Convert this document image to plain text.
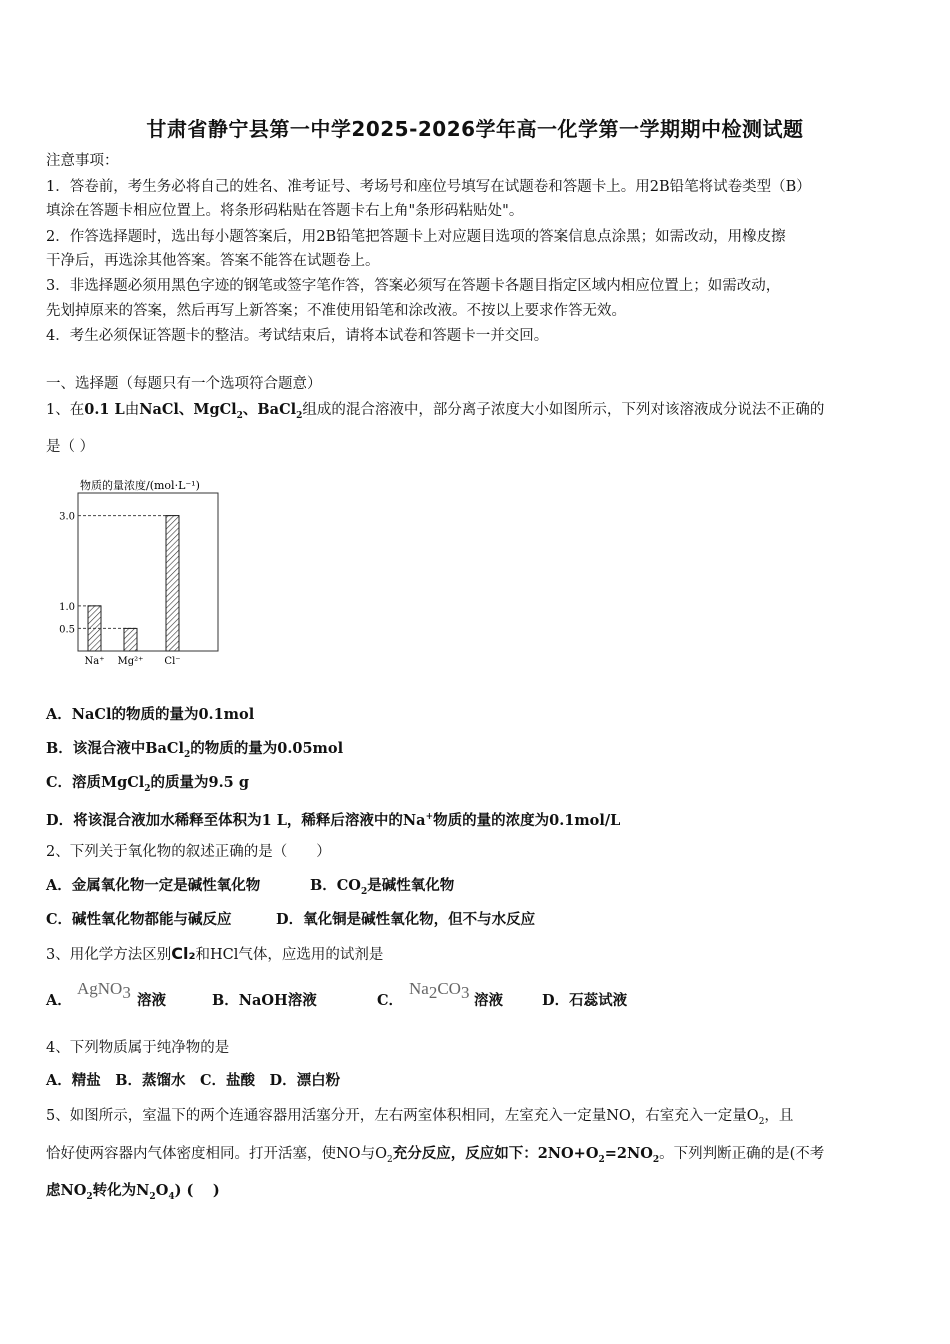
甘肃省静宁县第一中学2025-2026学年高一化学第一学期期中检测试题
注意事项：
1．答卷前，考生务必将自己的姓名、准考证号、考场号和座位号填写在试题卷和答题卡上。用2B铅笔将试卷类型（B）
填涂在答题卡相应位置上。将条形码粘贴在答题卡右上角"条形码粘贴处"。
2．作答选择题时，选出每小题答案后，用2B铅笔把答题卡上对应题目选项的答案信息点涂黑；如需改动，用橡皮擦
干净后，再选涂其他答案。答案不能答在试题卷上。
3．非选择题必须用黑色字迹的钢笔或签字笔作答，答案必须写在答题卡各题目指定区域内相应位置上；如需改动，
先划掉原来的答案，然后再写上新答案；不准使用铅笔和涂改液。不按以上要求作答无效。
4．考生必须保证答题卡的整洁。考试结束后，请将本试卷和答题卡一并交回。
一、选择题（每题只有一个选项符合题意）
1、在0.1 L由NaCl、MgCl$_2$、BaCl$_2$组成的混合溶液中，部分离子浓度大小如图所示，下列对该溶液成分说法不正确的
是（ ）
物质的量浓度/(mol·L⁻¹)
3.0
1.0
0.5
Na⁺ Mg²⁺ Cl⁻
A．NaCl的物质的量为0.1mol
B．该混合液中BaCl$_2$的物质的量为0.05mol
C．溶质MgCl$_2$的质量为9.5 g
D．将该混合液加水稀释至体积为1 L，稀释后溶液中的Na+物质的量的浓度为0.1mol/L
2、下列关于氧化物的叙述正确的是（　　）
A．金属氧化物一定是碱性氧化物	B．$CO_2$是碱性氧化物
C．碱性氧化物都能与碱反应	D．氧化铜是碱性氧化物，但不与水反应
3、用化学方法区别Cl₂和HCl气体，应选用的试剂是
A．
AgNO$_3$ 溶液	B．NaOH溶液	C．
$Na_2CO_3$ 溶液	D．石蕊试液
4、下列物质属于纯净物的是
A．精盐　B．蒸馏水　C．盐酸　D．漂白粉
5、如图所示，室温下的两个连通容器用活塞分开，左右两室体积相同，左室充入一定量NO，右室充入一定量$O_2$，且
恰好使两容器内气体密度相同。打开活塞，使NO与$O_2$充分反应，反应如下：$2NO+O_2=2NO_2$。下列判断正确的是(不考
虑$NO_2$转化为$N_2O_4$) (　 )
